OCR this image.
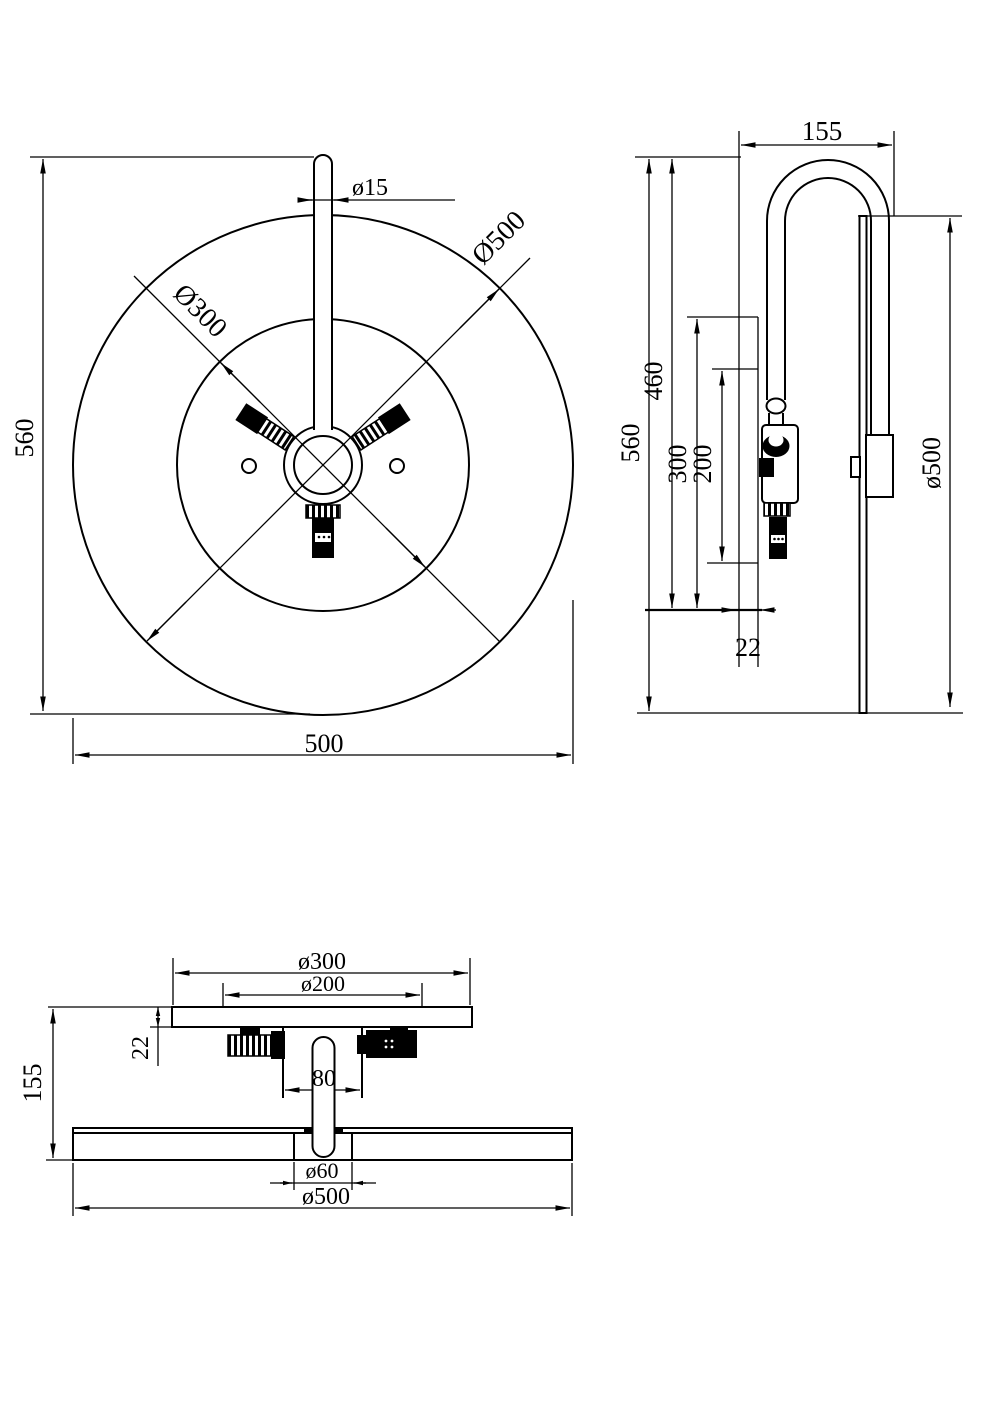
560
500
ø15
Ø300
Ø500
155
560
460
300
200
22
ø500
ø300
ø200
22
155	80
ø60
ø500
